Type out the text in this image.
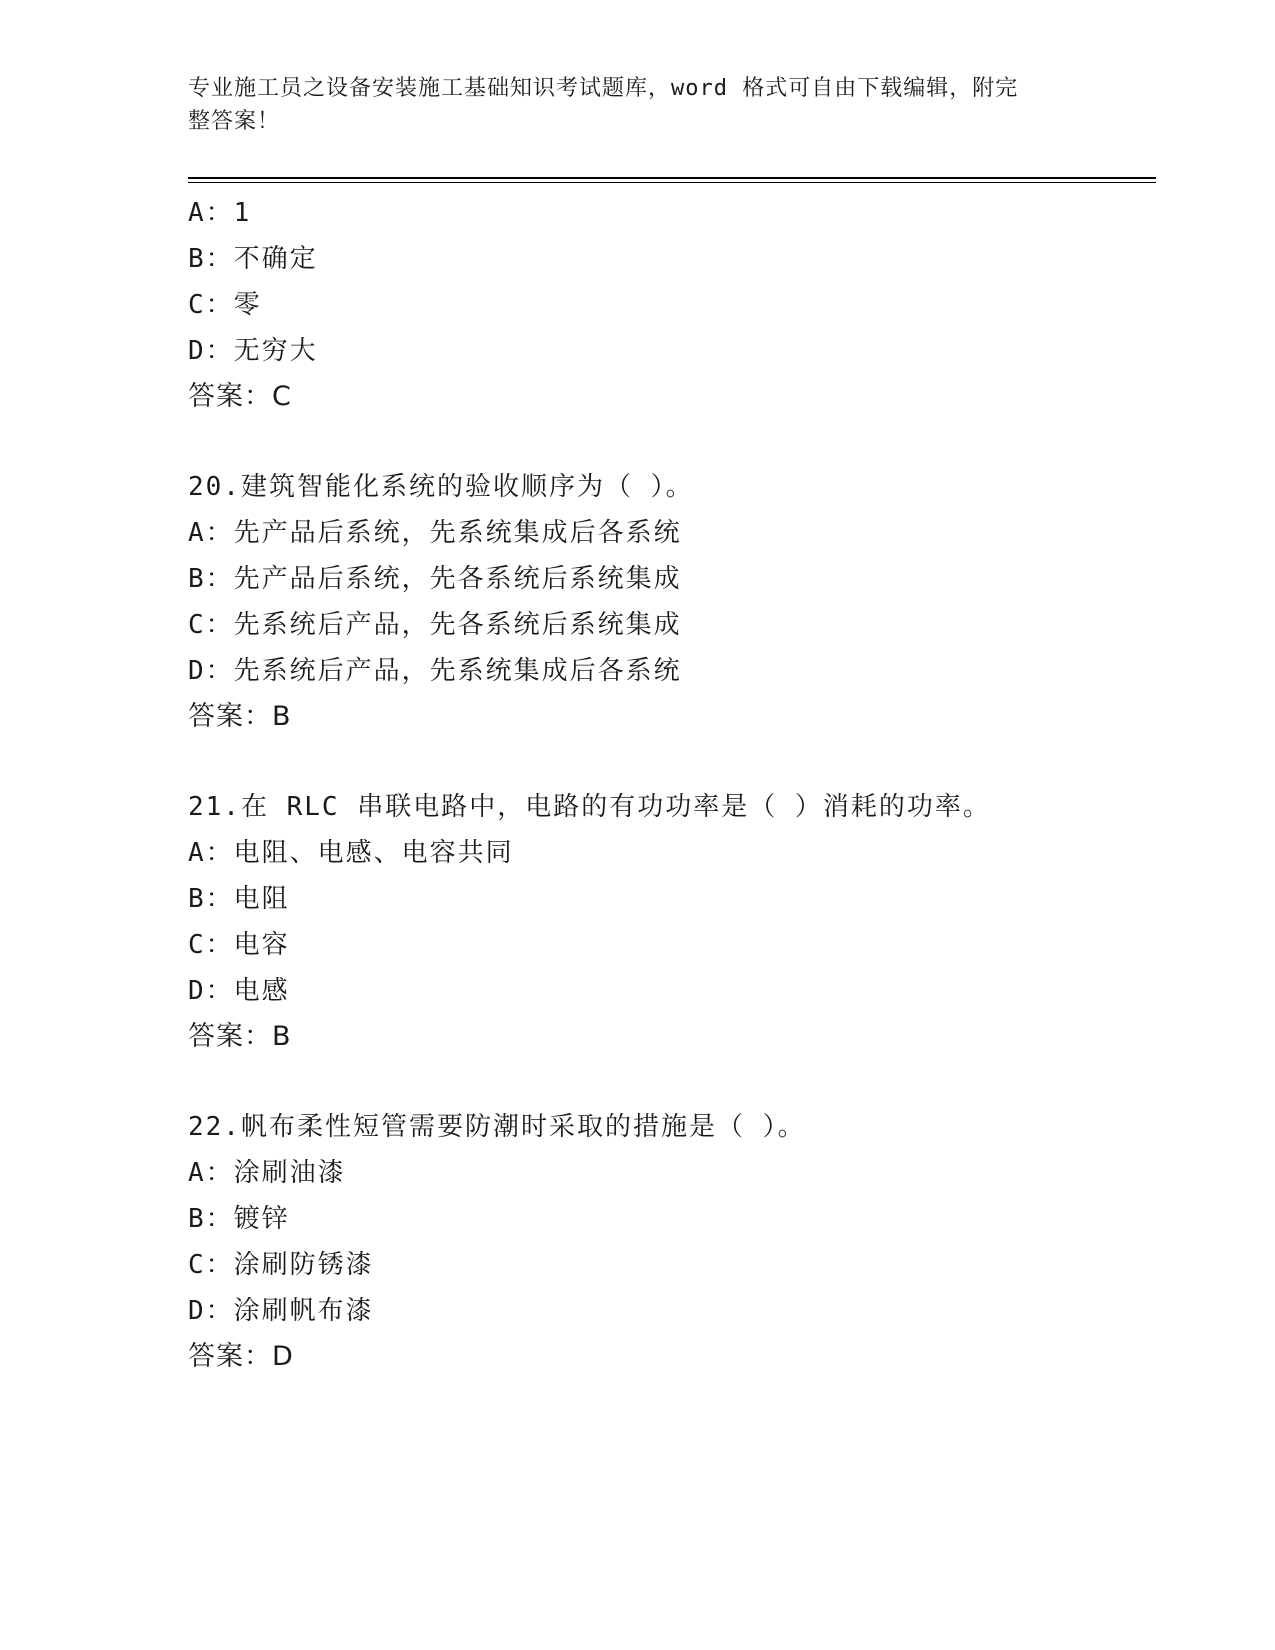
专业施工员之设备安装施工基础知识考试题库，word 格式可自由下载编辑，附完
整答案！
A：1
B：不确定
C：零
D：无穷大
答案：C
20.建筑智能化系统的验收顺序为（ ）。
A：先产品后系统，先系统集成后各系统
B：先产品后系统，先各系统后系统集成
C：先系统后产品，先各系统后系统集成
D：先系统后产品，先系统集成后各系统
答案：B
21.在 RLC 串联电路中，电路的有功功率是（ ）消耗的功率。
A：电阻、电感、电容共同
B：电阻
C：电容
D：电感
答案：B
22.帆布柔性短管需要防潮时采取的措施是（ ）。
A：涂刷油漆
B：镀锌
C：涂刷防锈漆
D：涂刷帆布漆
答案：D
